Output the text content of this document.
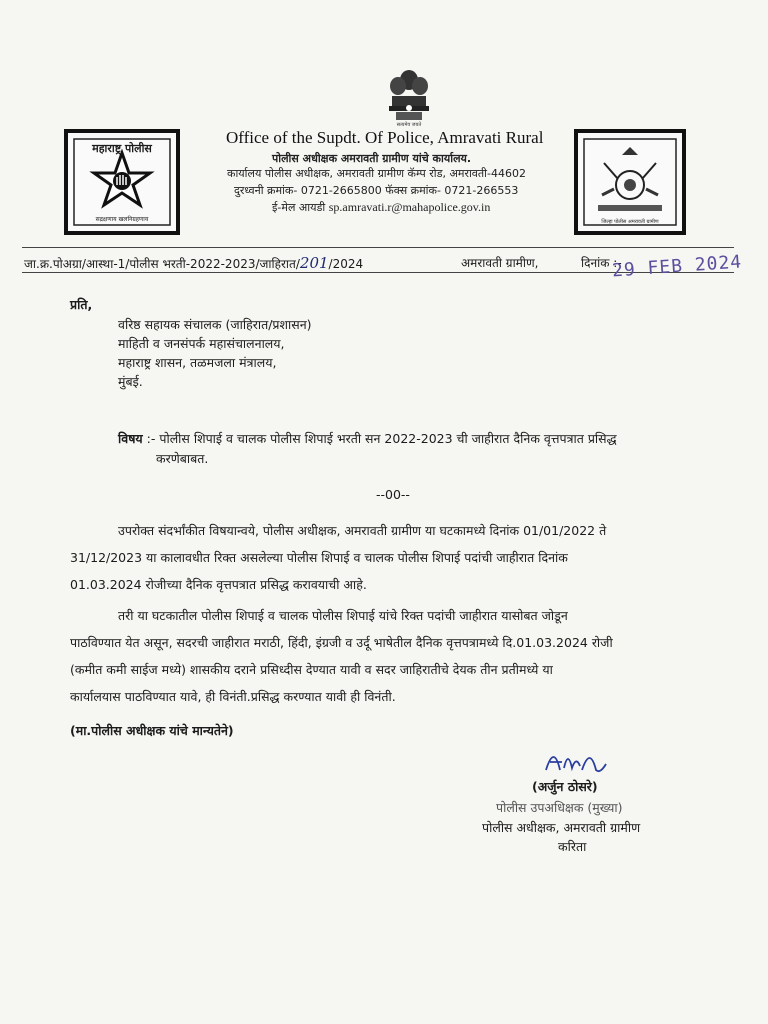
सत्यमेव जयते
महाराष्ट्र पोलीस
सद्रक्षणाय खलनिग्रहणाय
Office of the Supdt. Of Police, Amravati Rural
पोलीस अधीक्षक अमरावती ग्रामीण यांचे कार्यालय.
कार्यालय पोलीस अधीक्षक, अमरावती ग्रामीण कॅम्प रोड, अमरावती-44602
दुरध्वनी क्रमांक- 0721-2665800 फॅक्स क्रमांक- 0721-266553
ई-मेल आयडी sp.amravati.r@mahapolice.gov.in
जिल्हा पोलीस अमरावती ग्रामीण
जा.क्र.पोअग्रा/आस्था-1/पोलीस भरती-2022-2023/जाहिरात/201/2024	अमरावती ग्रामीण,	दिनांक :-
29 FEB 2024
प्रति,
वरिष्ठ सहायक संचालक (जाहिरात/प्रशासन)
माहिती व जनसंपर्क महासंचालनालय,
महाराष्ट्र शासन, तळमजला मंत्रालय,
मुंबई.
विषय :- पोलीस शिपाई व चालक पोलीस शिपाई भरती सन 2022-2023 ची जाहीरात दैनिक वृत्तपत्रात प्रसिद्ध
करणेबाबत.
--00--
उपरोक्त संदर्भांकीत विषयान्वये, पोलीस अधीक्षक, अमरावती ग्रामीण या घटकामध्ये दिनांक 01/01/2022 ते
31/12/2023 या कालावधीत रिक्त असलेल्या पोलीस शिपाई व चालक पोलीस शिपाई पदांची जाहीरात दिनांक
01.03.2024 रोजीच्या दैनिक वृत्तपत्रात प्रसिद्ध करावयाची आहे.
तरी या घटकातील पोलीस शिपाई व चालक पोलीस शिपाई यांचे रिक्त पदांची जाहीरात यासोबत जोडून
पाठविण्यात येत असून, सदरची जाहीरात मराठी, हिंदी, इंग्रजी व उर्दू भाषेतील दैनिक वृत्तपत्रामध्ये दि.01.03.2024 रोजी
(कमीत कमी साईज मध्ये) शासकीय दराने प्रसिध्दीस देण्यात यावी व सदर जाहिरातीचे देयक तीन प्रतीमध्ये या
कार्यालयास पाठविण्यात यावे, ही विनंती.प्रसिद्ध करण्यात यावी ही विनंती.
(मा.पोलीस अधीक्षक यांचे मान्यतेने)
(अर्जुन ठोसरे)
पोलीस उपअधिक्षक (मुख्या)
पोलीस अधीक्षक, अमरावती ग्रामीण
करिता
